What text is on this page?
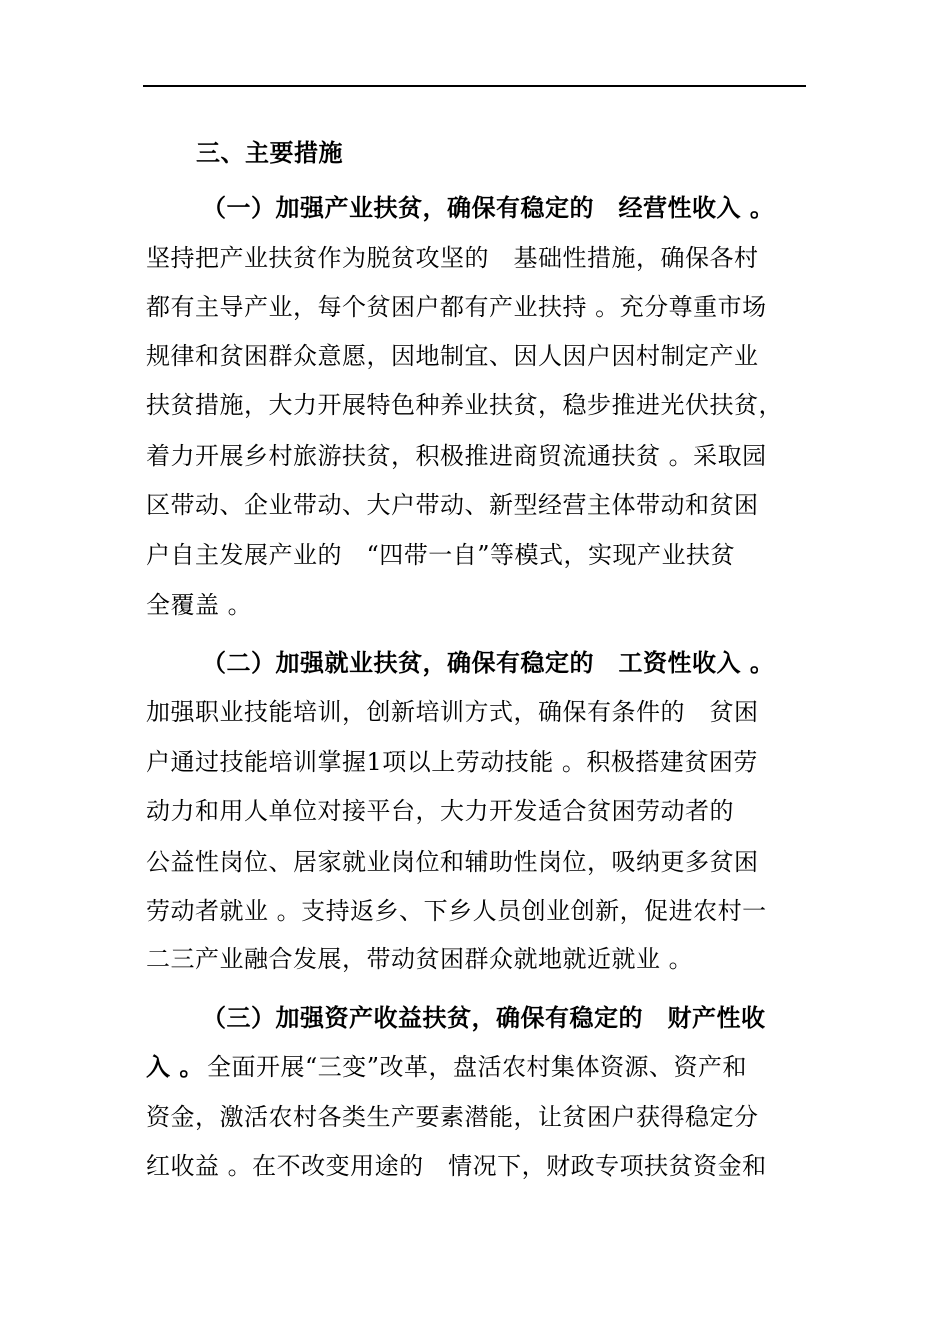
三、主要措施
（一）加强产业扶贫，确保有稳定的　经营性收入 。
坚持把产业扶贫作为脱贫攻坚的　基础性措施，确保各村
都有主导产业，每个贫困户都有产业扶持 。充分尊重市场
规律和贫困群众意愿，因地制宜、因人因户因村制定产业
扶贫措施，大力开展特色种养业扶贫，稳步推进光伏扶贫，
着力开展乡村旅游扶贫，积极推进商贸流通扶贫 。采取园
区带动、企业带动、大户带动、新型经营主体带动和贫困
户自主发展产业的　“四带一自”等模式，实现产业扶贫
全覆盖 。
（二）加强就业扶贫，确保有稳定的　工资性收入 。
加强职业技能培训，创新培训方式，确保有条件的　贫困
户通过技能培训掌握1项以上劳动技能 。积极搭建贫困劳
动力和用人单位对接平台，大力开发适合贫困劳动者的
公益性岗位、居家就业岗位和辅助性岗位，吸纳更多贫困
劳动者就业 。支持返乡、下乡人员创业创新，促进农村一
二三产业融合发展，带动贫困群众就地就近就业 。
（三）加强资产收益扶贫，确保有稳定的　财产性收
入 。 全面开展“三变”改革，盘活农村集体资源、资产和
资金，激活农村各类生产要素潜能，让贫困户获得稳定分
红收益 。在不改变用途的　情况下，财政专项扶贫资金和
